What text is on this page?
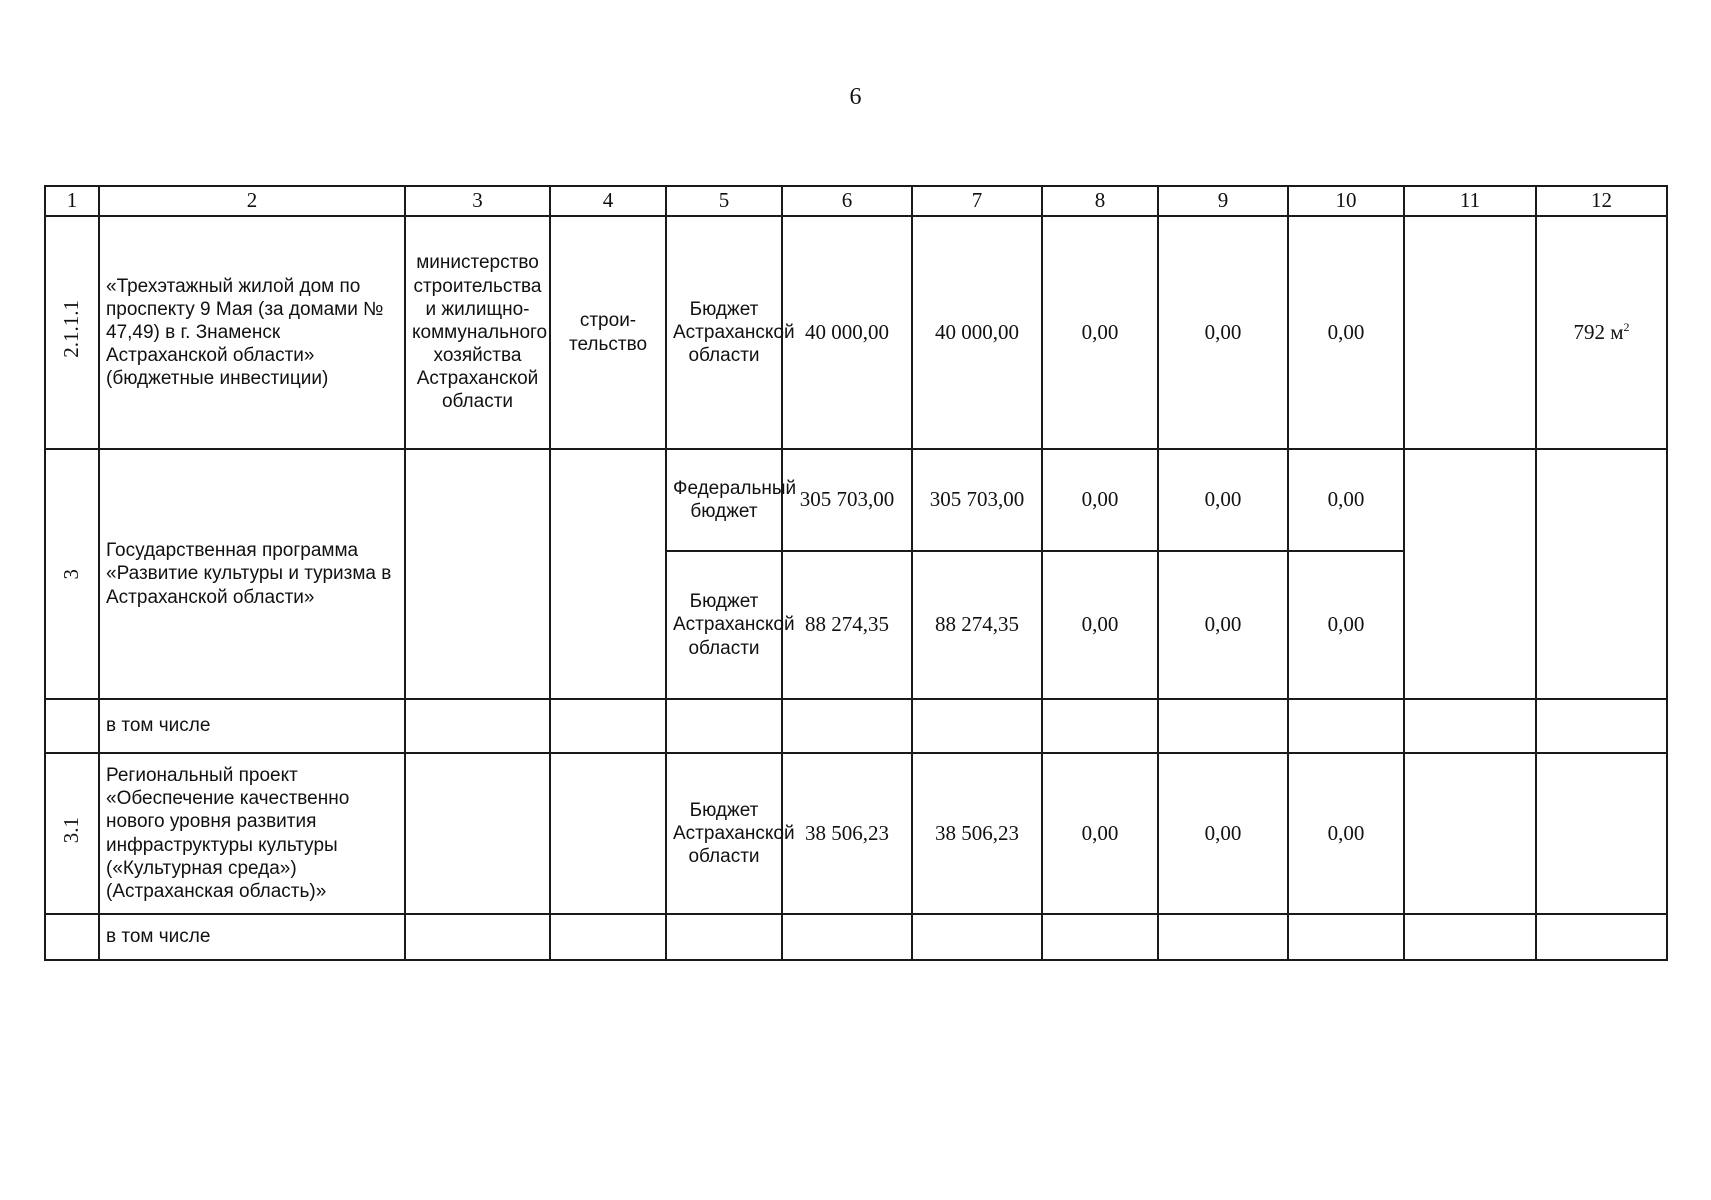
6
1	2	3	4	5	6	7	8	9	10	11	12
2.1.1.1	«Трехэтажный жилой дом по проспекту 9 Мая (за домами № 47,49) в г. Знаменск Астраханской области» (бюджетные инвестиции)	министерство строительства и жилищно-коммунального хозяйства Астраханской области	строи-тельство	Бюджет Астраханской области	40 000,00	40 000,00	0,00	0,00	0,00		792 $м^2$
3	Государственная программа «Развитие культуры и туризма в Астраханской области»			Федеральный бюджет	305 703,00	305 703,00	0,00	0,00	0,00		
				Бюджет Астраханской области	88 274,35	88 274,35	0,00	0,00	0,00		
	в том числе										
3.1	Региональный проект «Обеспечение качественно нового уровня развития инфраструктуры культуры («Культурная среда») (Астраханская область)»			Бюджет Астраханской области	38 506,23	38 506,23	0,00	0,00	0,00		
	в том числе										
